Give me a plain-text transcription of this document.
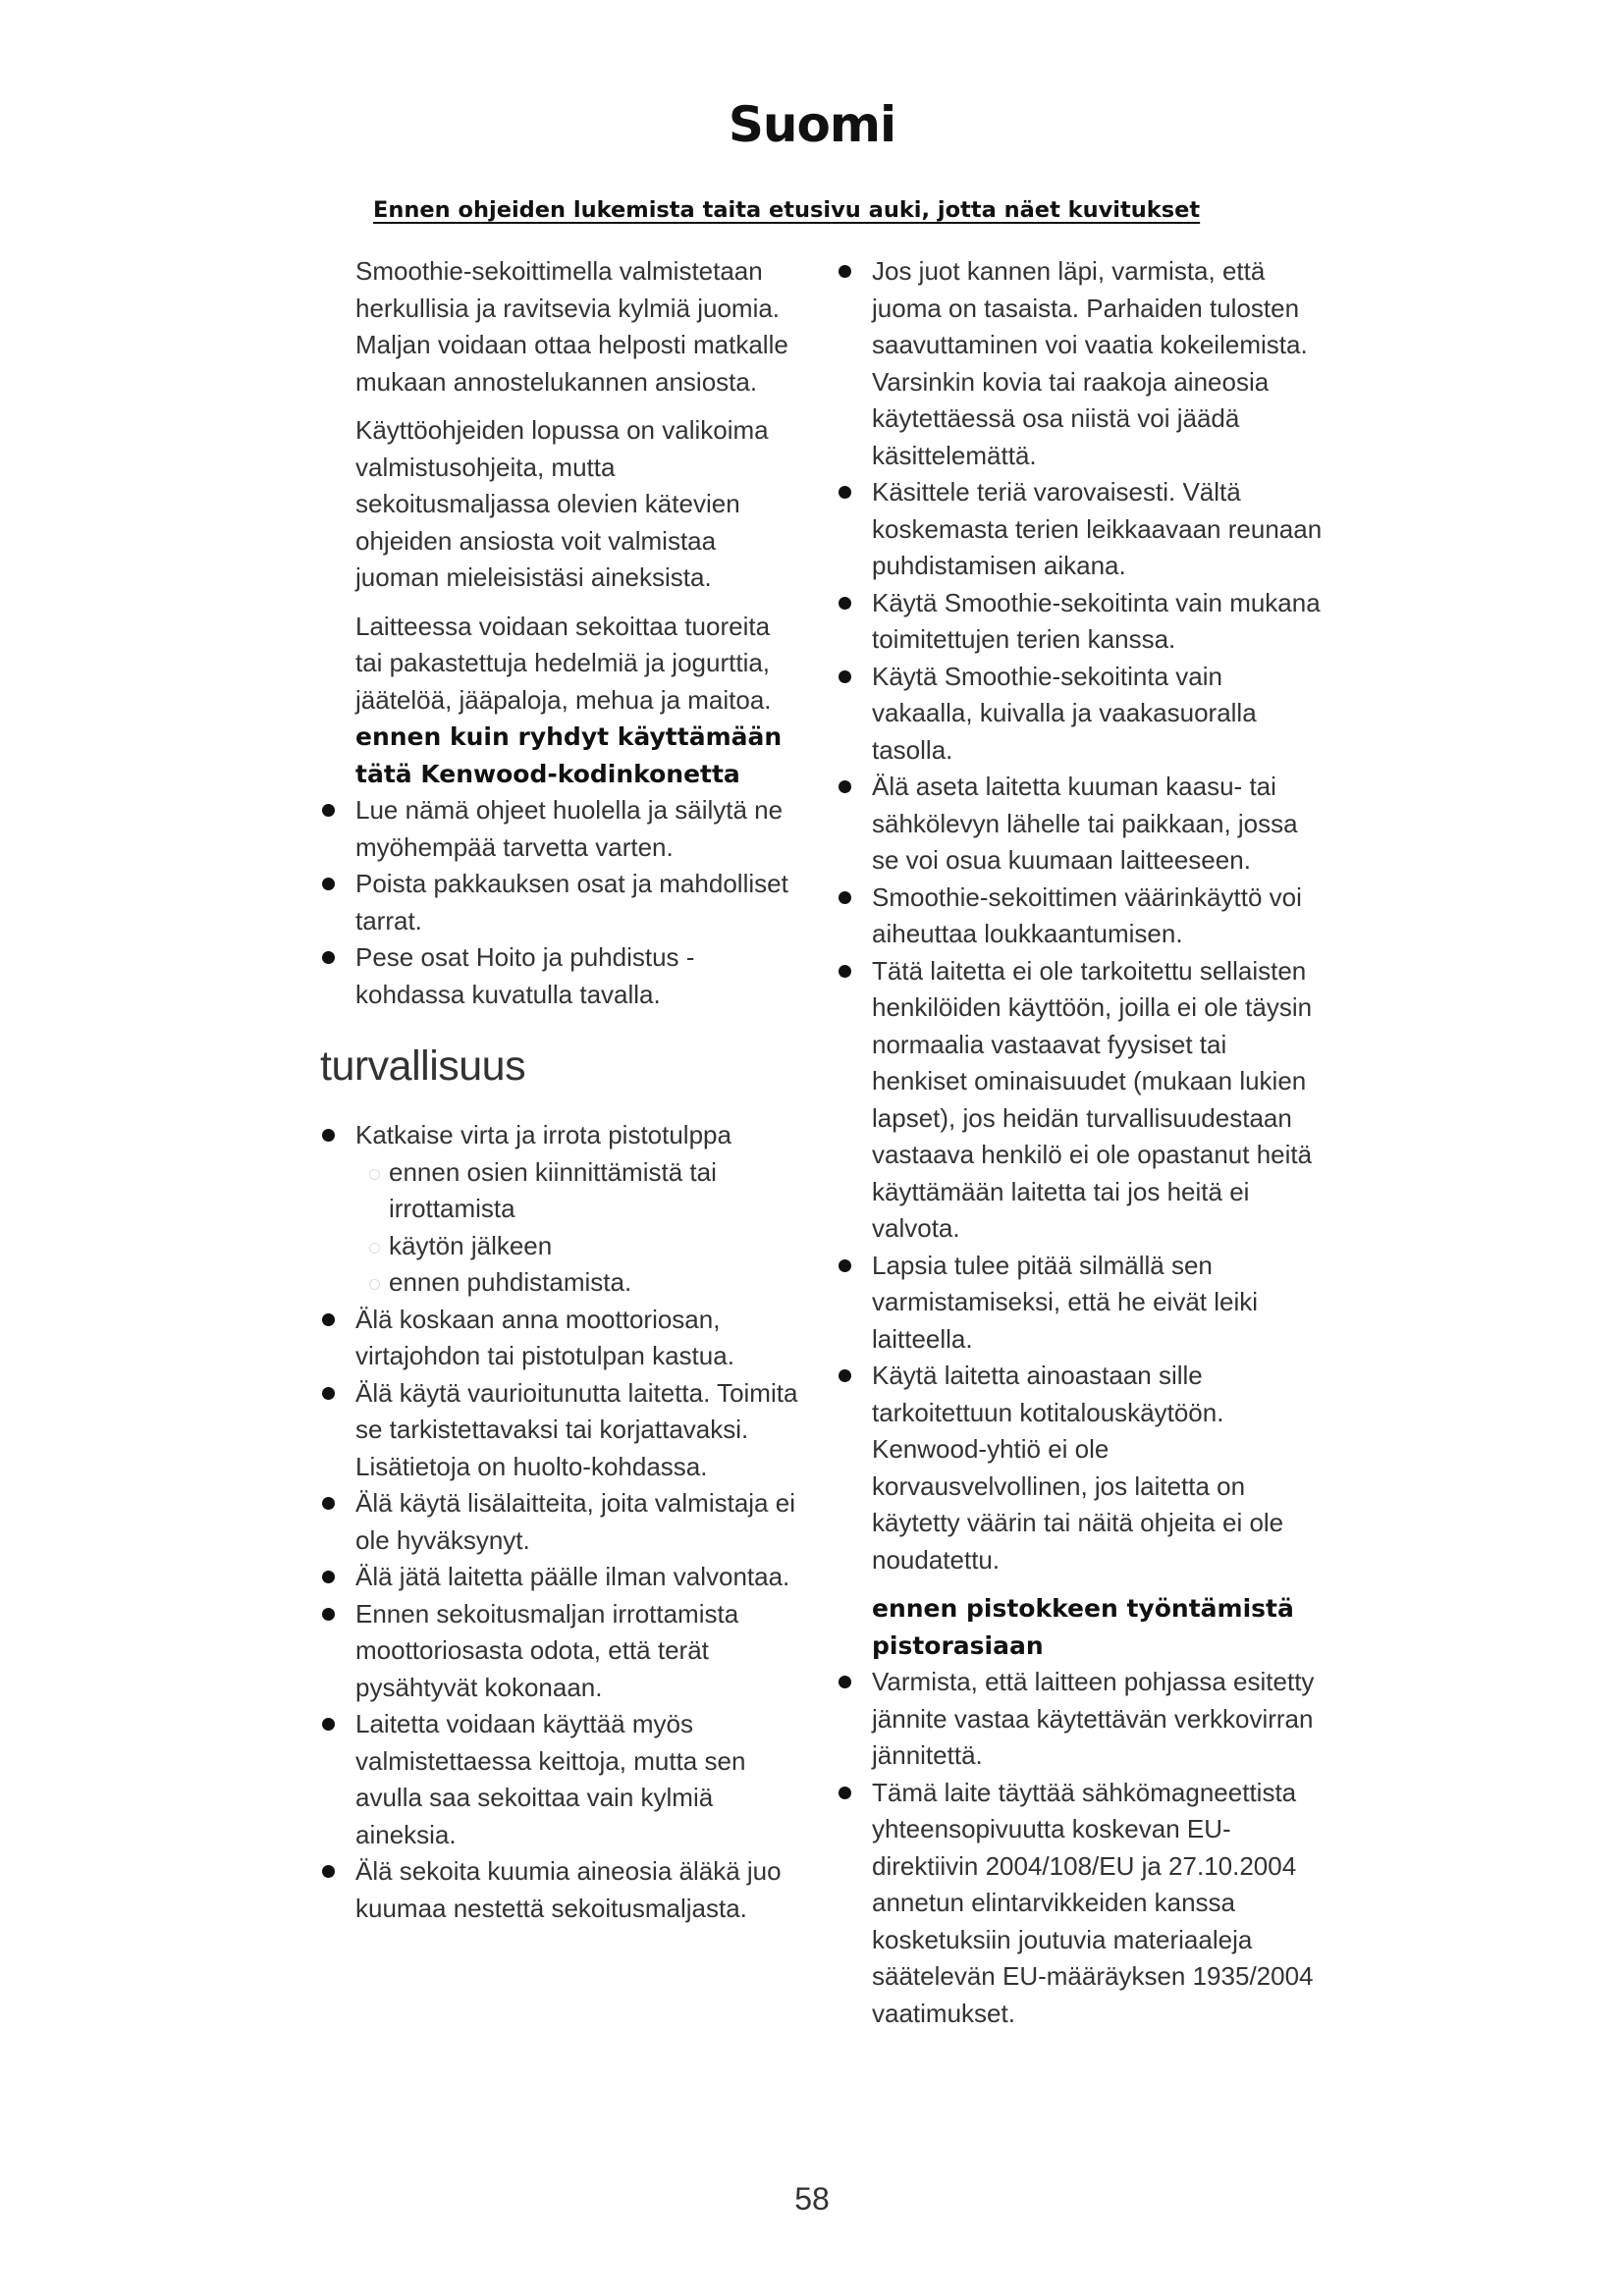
Suomi
Ennen ohjeiden lukemista taita etusivu auki, jotta näet kuvitukset

Smoothie-sekoittimella valmistetaan herkullisia ja ravitsevia kylmiä juomia. Maljan voidaan ottaa helposti matkalle mukaan annostelukannen ansiosta.

Käyttöohjeiden lopussa on valikoima valmistusohjeita, mutta sekoitusmaljassa olevien kätevien ohjeiden ansiosta voit valmistaa juoman mieleisistäsi aineksista.

Laitteessa voidaan sekoittaa tuoreita tai pakastettuja hedelmiä ja jogurttia, jäätelöä, jääpaloja, mehua ja maitoa.

ennen kuin ryhdyt käyttämään tätä Kenwood-kodinkonetta
Lue nämä ohjeet huolella ja säilytä ne myöhempää tarvetta varten.
Poista pakkauksen osat ja mahdolliset tarrat.
Pese osat Hoito ja puhdistus -kohdassa kuvatulla tavalla.
turvallisuus
Katkaise virta ja irrota pistotulppa
ennen osien kiinnittämistä tai irrottamista
käytön jälkeen
ennen puhdistamista.
Älä koskaan anna moottoriosan, virtajohdon tai pistotulpan kastua.
Älä käytä vaurioitunutta laitetta. Toimita se tarkistettavaksi tai korjattavaksi. Lisätietoja on huolto-kohdassa.
Älä käytä lisälaitteita, joita valmistaja ei ole hyväksynyt.
Älä jätä laitetta päälle ilman valvontaa.
Ennen sekoitusmaljan irrottamista moottoriosasta odota, että terät pysähtyvät kokonaan.
Laitetta voidaan käyttää myös valmistettaessa keittoja, mutta sen avulla saa sekoittaa vain kylmiä aineksia.
Älä sekoita kuumia aineosia äläkä juo kuumaa nestettä sekoitusmaljasta.
Jos juot kannen läpi, varmista, että juoma on tasaista. Parhaiden tulosten saavuttaminen voi vaatia kokeilemista. Varsinkin kovia tai raakoja aineosia käytettäessä osa niistä voi jäädä käsittelemättä.
Käsittele teriä varovaisesti. Vältä koskemasta terien leikkaavaan reunaan puhdistamisen aikana.
Käytä Smoothie-sekoitinta vain mukana toimitettujen terien kanssa.
Käytä Smoothie-sekoitinta vain vakaalla, kuivalla ja vaakasuoralla tasolla.
Älä aseta laitetta kuuman kaasu- tai sähkölevyn lähelle tai paikkaan, jossa se voi osua kuumaan laitteeseen.
Smoothie-sekoittimen väärinkäyttö voi aiheuttaa loukkaantumisen.
Tätä laitetta ei ole tarkoitettu sellaisten henkilöiden käyttöön, joilla ei ole täysin normaalia vastaavat fyysiset tai henkiset ominaisuudet (mukaan lukien lapset), jos heidän turvallisuudestaan vastaava henkilö ei ole opastanut heitä käyttämään laitetta tai jos heitä ei valvota.
Lapsia tulee pitää silmällä sen varmistamiseksi, että he eivät leiki laitteella.
Käytä laitetta ainoastaan sille tarkoitettuun kotitalouskäytöön. Kenwood-yhtiö ei ole korvausvelvollinen, jos laitetta on käytetty väärin tai näitä ohjeita ei ole noudatettu.
ennen pistokkeen työntämistä pistorasiaan
Varmista, että laitteen pohjassa esitetty jännite vastaa käytettävän verkkovirran jännitettä.
Tämä laite täyttää sähkömagneettista yhteensopivuutta koskevan EU-direktiivin 2004/108/EU ja 27.10.2004 annetun elintarvikkeiden kanssa kosketuksiin joutuvia materiaaleja säätelevän EU-määräyksen 1935/2004 vaatimukset.
58
